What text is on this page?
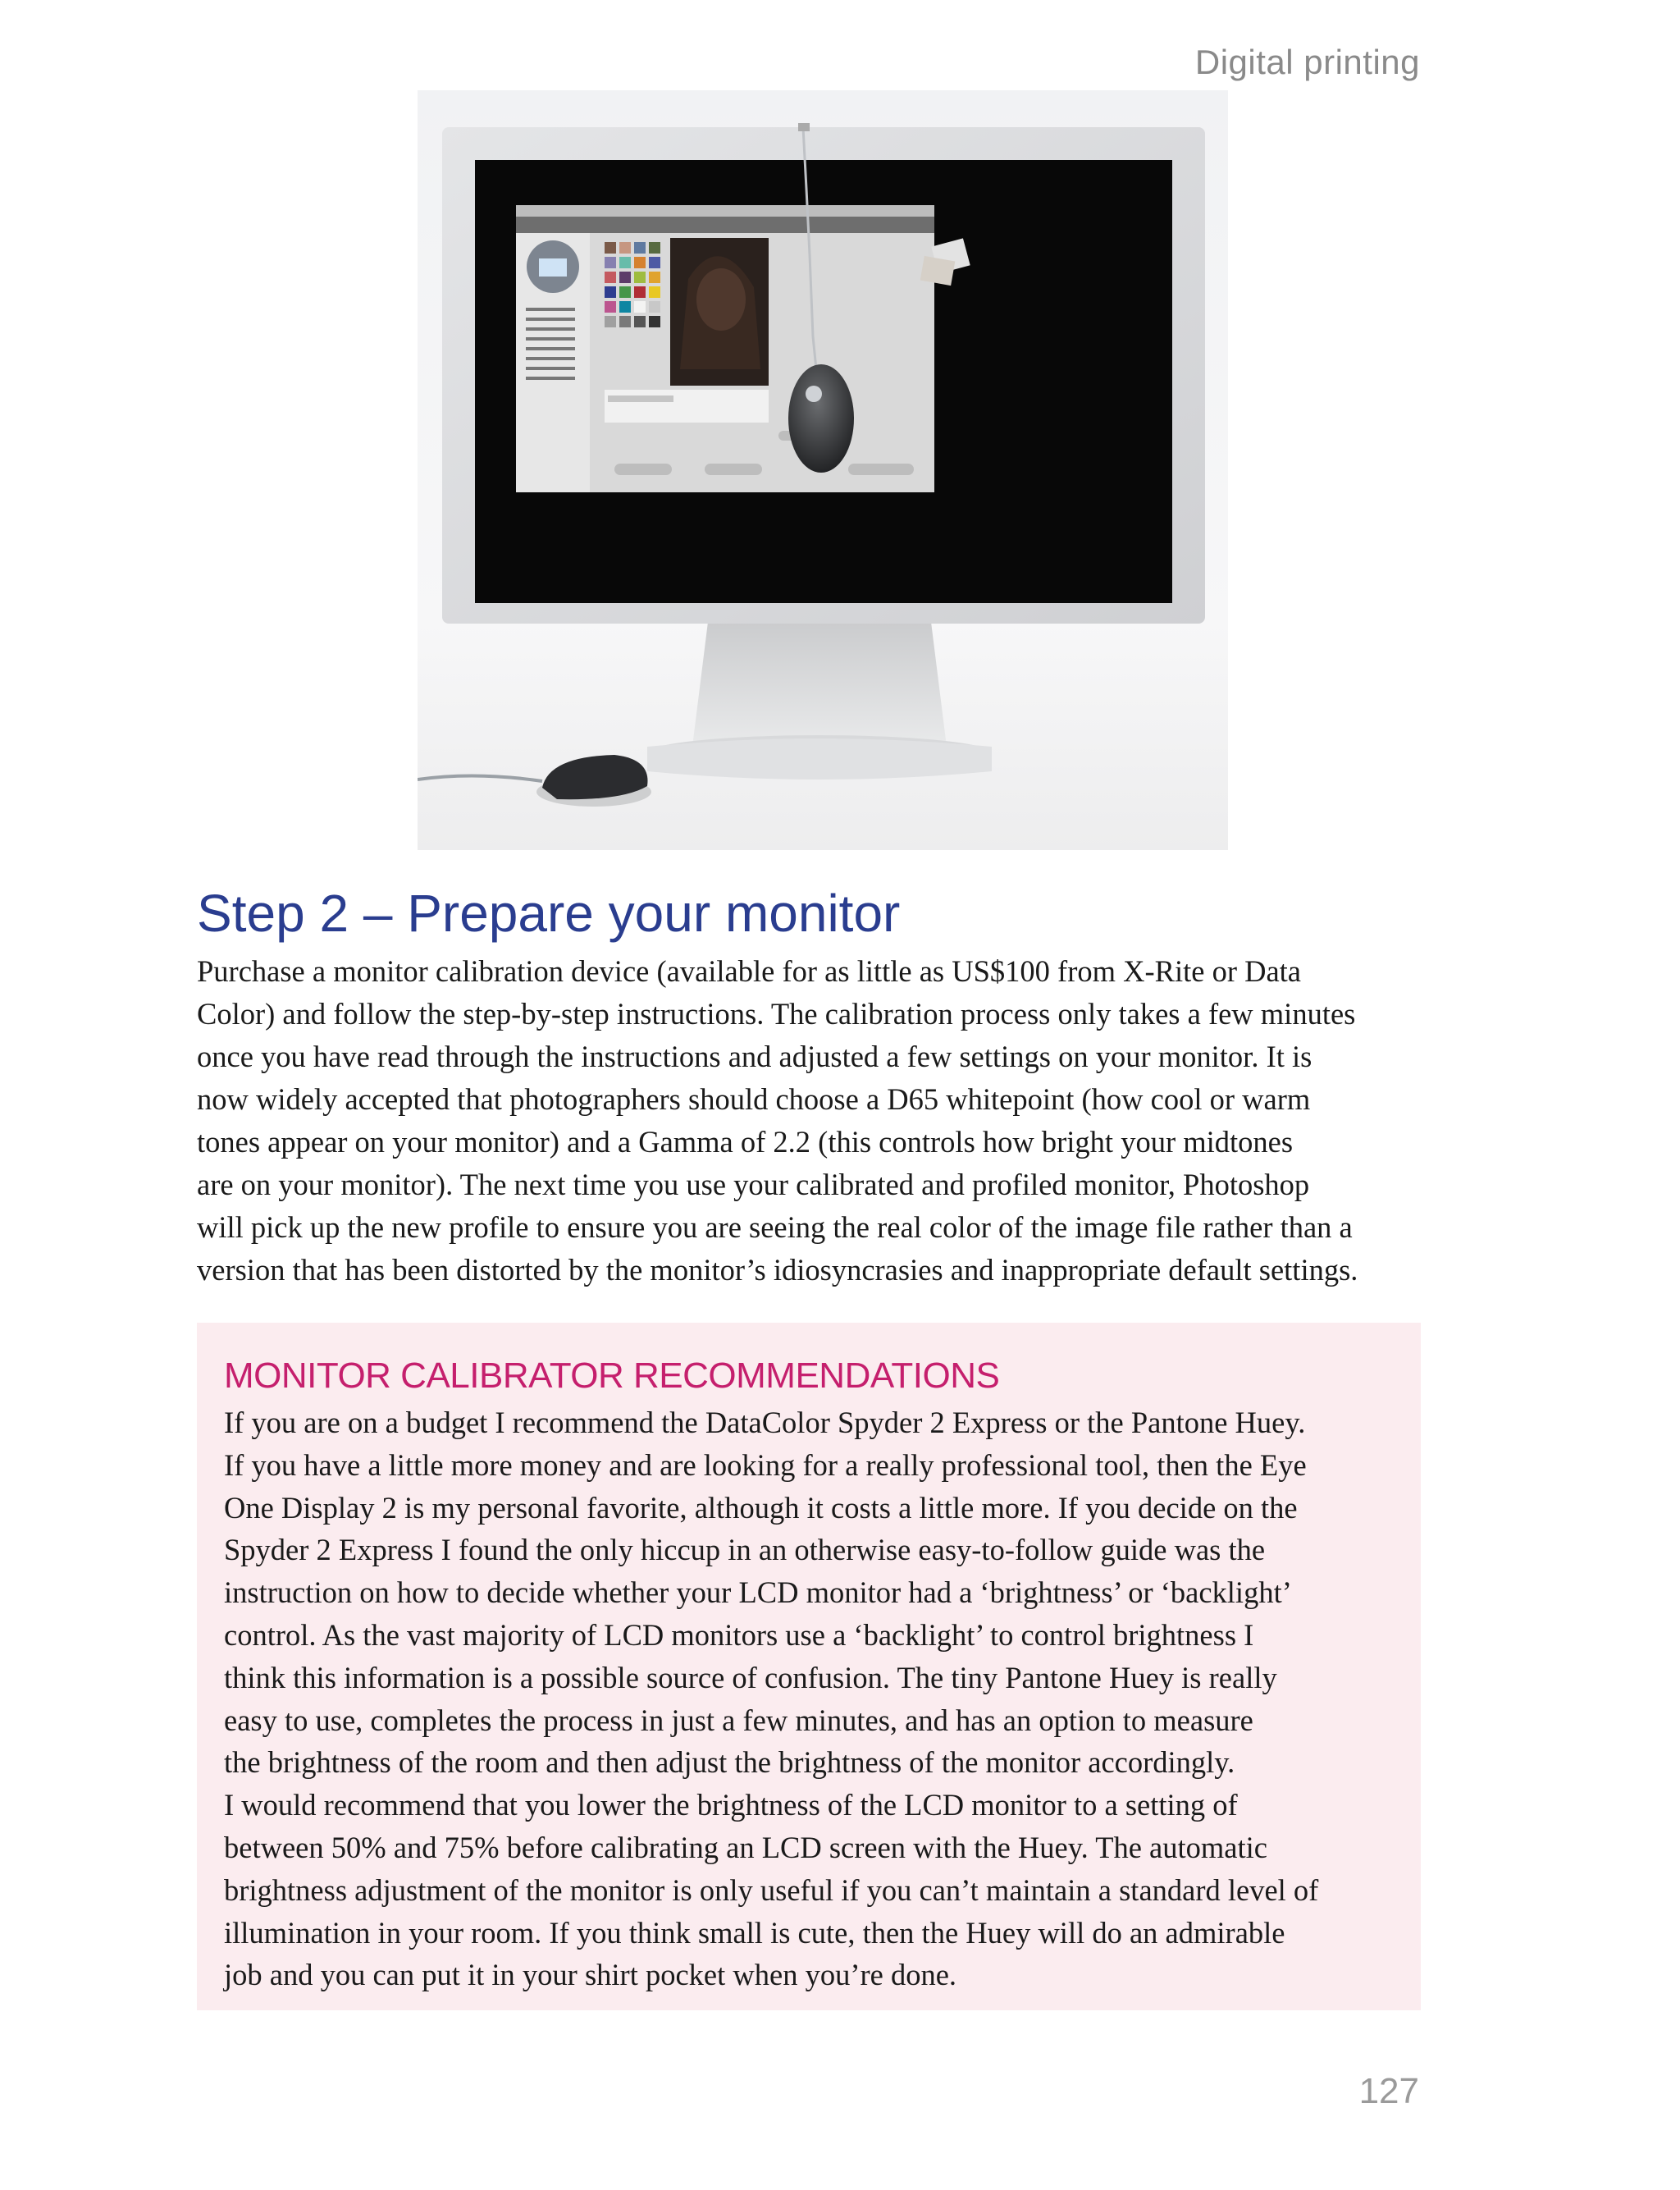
Digital printing
Step 2 – Prepare your monitor

Purchase a monitor calibration device (available for as little as US$100 from X-Rite or Data
Color) and follow the step-by-step instructions. The calibration process only takes a few minutes
once you have read through the instructions and adjusted a few settings on your monitor. It is
now widely accepted that photographers should choose a D65 whitepoint (how cool or warm
tones appear on your monitor) and a Gamma of 2.2 (this controls how bright your midtones
are on your monitor). The next time you use your calibrated and profiled monitor, Photoshop
will pick up the new profile to ensure you are seeing the real color of the image file rather than a
version that has been distorted by the monitor’s idiosyncrasies and inappropriate default settings.

MONITOR CALIBRATOR RECOMMENDATIONS

If you are on a budget I recommend the DataColor Spyder 2 Express or the Pantone Huey.
If you have a little more money and are looking for a really professional tool, then the Eye
One Display 2 is my personal favorite, although it costs a little more. If you decide on the
Spyder 2 Express I found the only hiccup in an otherwise easy-to-follow guide was the
instruction on how to decide whether your LCD monitor had a ‘brightness’ or ‘backlight’
control. As the vast majority of LCD monitors use a ‘backlight’ to control brightness I
think this information is a possible source of confusion. The tiny Pantone Huey is really
easy to use, completes the process in just a few minutes, and has an option to measure
the brightness of the room and then adjust the brightness of the monitor accordingly.
I would recommend that you lower the brightness of the LCD monitor to a setting of
between 50% and 75% before calibrating an LCD screen with the Huey. The automatic
brightness adjustment of the monitor is only useful if you can’t maintain a standard level of
illumination in your room. If you think small is cute, then the Huey will do an admirable
job and you can put it in your shirt pocket when you’re done.

127
